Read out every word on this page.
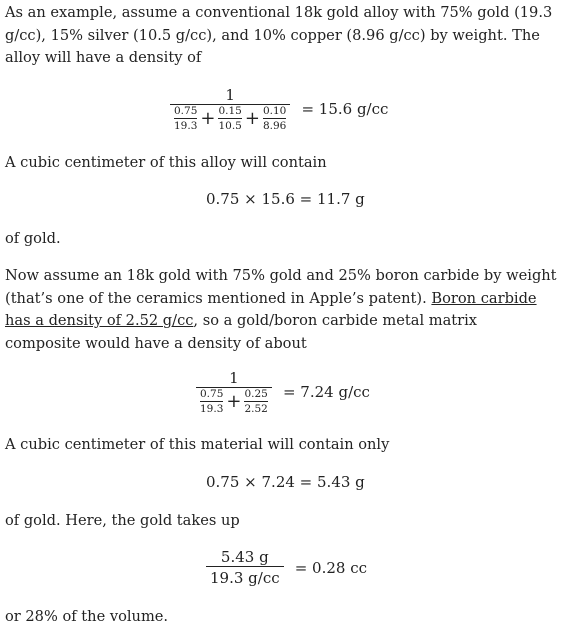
As an example, assume a conventional 18k gold alloy with 75% gold (19.3 g/cc), 15% silver (10.5 g/cc), and 10% copper (8.96 g/cc) by weight. The alloy will have a density of

1
0.75
19.3 + 0.15
10.5 + 0.10
8.96
= 15.6 g/cc

A cubic centimeter of this alloy will contain

0.75 × 15.6 = 11.7 g

of gold.

Now assume an 18k gold with 75% gold and 25% boron carbide by weight (that’s one of the ceramics mentioned in Apple’s patent). Boron carbide has a density of 2.52 g/cc, so a gold/boron carbide metal matrix composite would have a density of about

1
0.75
19.3 + 0.25
2.52
= 7.24 g/cc

A cubic centimeter of this material will contain only

0.75 × 7.24 = 5.43 g

of gold. Here, the gold takes up

$\frac{5.43 g}{19.3 g/cc} = 0.28$ cc

or 28% of the volume.
